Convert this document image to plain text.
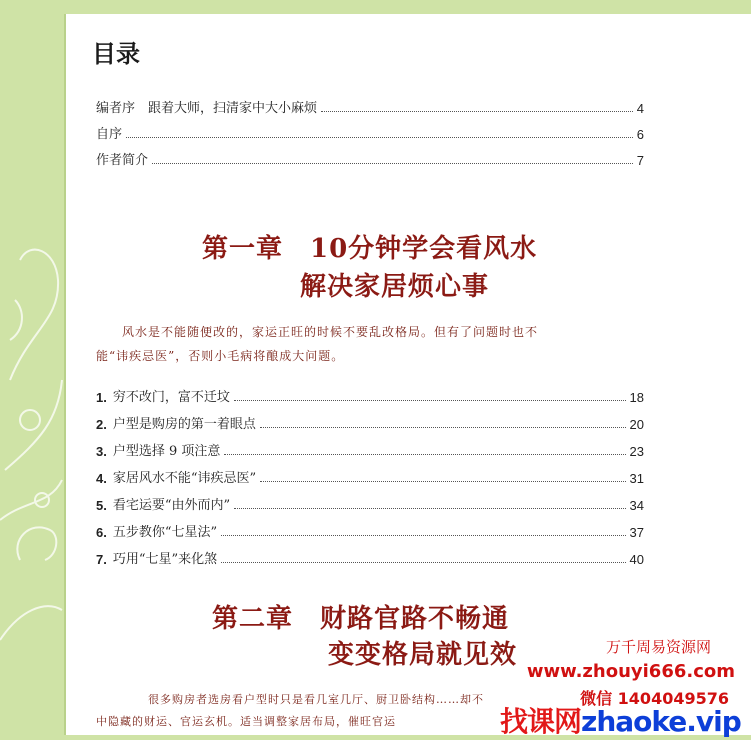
目录
编者序　跟着大师，扫清家中大小麻烦	4
自序	6
作者简介	7
第一章　10分钟学会看风水
解决家居烦心事
风水是不能随便改的，家运正旺的时候不要乱改格局。但有了问题时也不
能“讳疾忌医”，否则小毛病将酿成大问题。
1. 穷不改门，富不迁坟	18
2. 户型是购房的第一着眼点	20
3. 户型选择 9 项注意	23
4. 家居风水不能“讳疾忌医”	31
5. 看宅运要“由外而内”	34
6. 五步教你“七星法”	37
7. 巧用“七星”来化煞	40
第二章　财路官路不畅通
变变格局就见效
很多购房者选房看户型时只是看几室几厅、厨卫卧结构……却不
中隐藏的财运、官运玄机。适当调整家居布局，催旺官运
万千周易资源网
www.zhouyi666.com
微信 1404049576
找课网zhaoke.vip
